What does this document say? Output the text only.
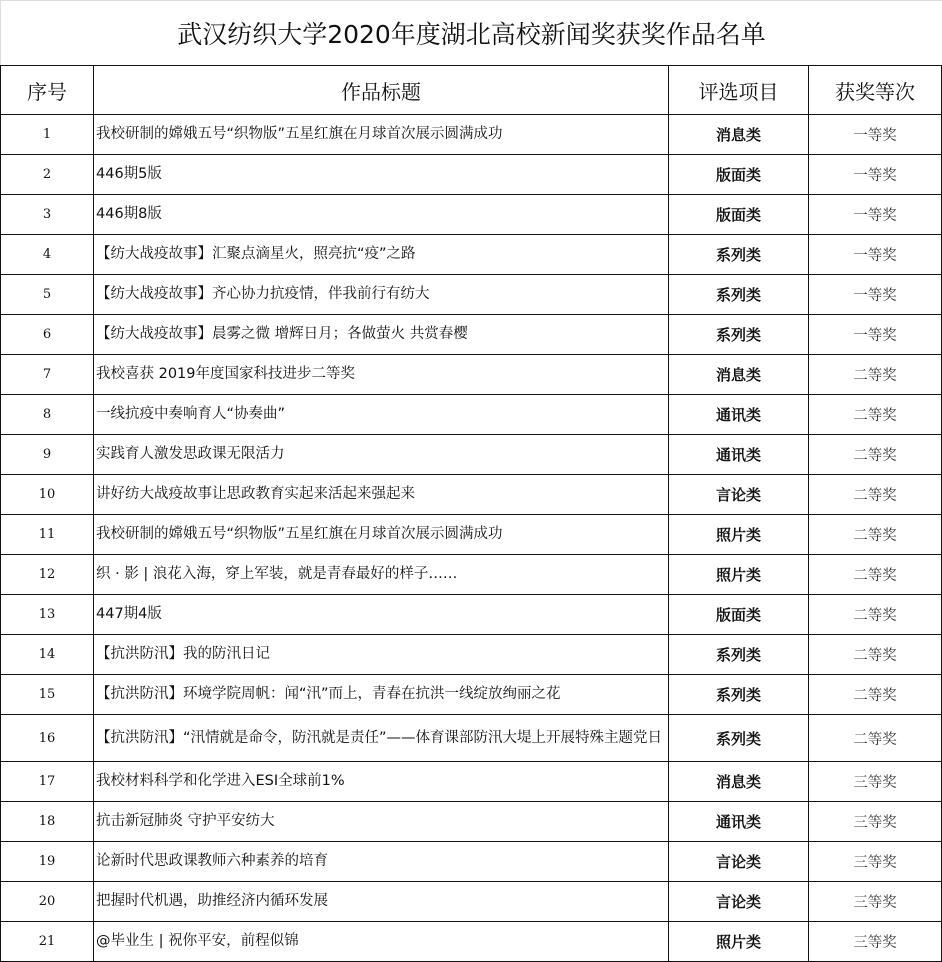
武汉纺织大学2020年度湖北高校新闻奖获奖作品名单
序号	作品标题	评选项目	获奖等次
1	我校研制的嫦娥五号“织物版”五星红旗在月球首次展示圆满成功	消息类	一等奖
2	446期5版	版面类	一等奖
3	446期8版	版面类	一等奖
4	【纺大战疫故事】汇聚点滴星火，照亮抗“疫”之路	系列类	一等奖
5	【纺大战疫故事】齐心协力抗疫情，伴我前行有纺大	系列类	一等奖
6	【纺大战疫故事】晨雾之微 增辉日月；各做萤火 共赏春樱	系列类	一等奖
7	我校喜获 2019年度国家科技进步二等奖	消息类	二等奖
8	一线抗疫中奏响育人“协奏曲”	通讯类	二等奖
9	实践育人激发思政课无限活力	通讯类	二等奖
10	讲好纺大战疫故事让思政教育实起来活起来强起来	言论类	二等奖
11	我校研制的嫦娥五号“织物版”五星红旗在月球首次展示圆满成功	照片类	二等奖
12	织 · 影 | 浪花入海，穿上军装，就是青春最好的样子……	照片类	二等奖
13	447期4版	版面类	二等奖
14	【抗洪防汛】我的防汛日记	系列类	二等奖
15	【抗洪防汛】环境学院周帆：闻“汛”而上，青春在抗洪一线绽放绚丽之花	系列类	二等奖
16	【抗洪防汛】“汛情就是命令，防汛就是责任”——体育课部防汛大堤上开展特殊主题党日	系列类	二等奖
17	我校材料科学和化学进入ESI全球前1%	消息类	三等奖
18	抗击新冠肺炎 守护平安纺大	通讯类	三等奖
19	论新时代思政课教师六种素养的培育	言论类	三等奖
20	把握时代机遇，助推经济内循环发展	言论类	三等奖
21	@毕业生 | 祝你平安，前程似锦	照片类	三等奖
